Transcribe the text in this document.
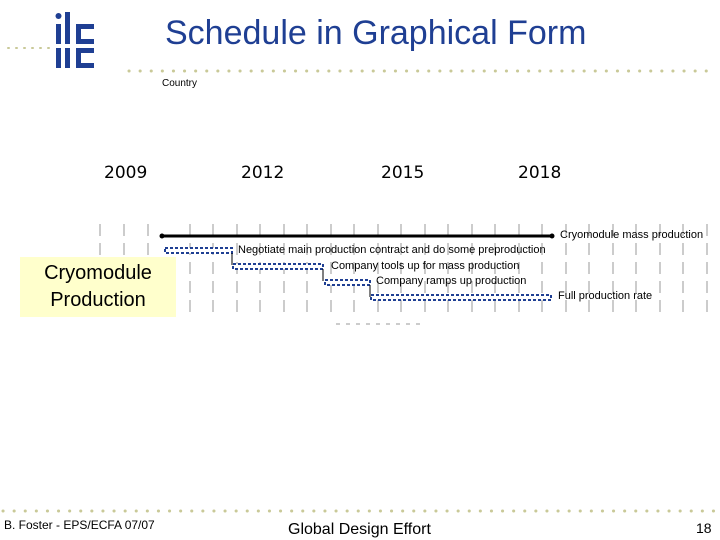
Schedule in Graphical Form
Country
2009	2012	2015	2018
Cryomodule mass production
Negotiate main production contract and do some preproduction
Company tools up for mass production
Company ramps up production
Full production rate
Cryomodule
Production
B. Foster - EPS/ECFA 07/07	Global Design Effort	18
